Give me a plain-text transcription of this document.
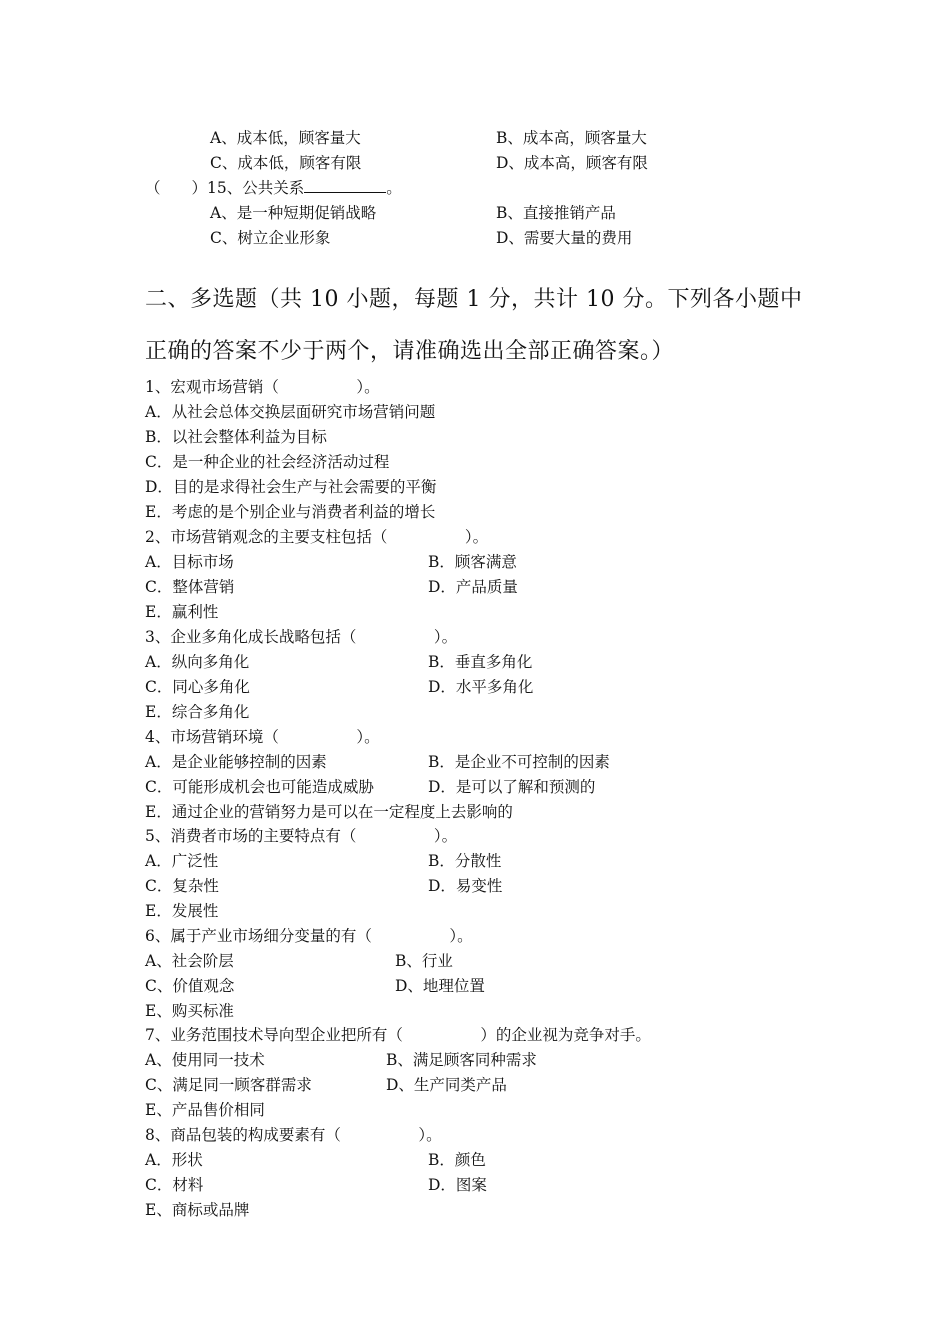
A、成本低，顾客量大	B、成本高，顾客量大
C、成本低，顾客有限	D、成本高，顾客有限
（　　）15、公共关系	。
A、是一种短期促销战略	B、直接推销产品
C、树立企业形象	D、需要大量的费用
二、多选题（共 10 小题，每题 1 分，共计 10 分。下列各小题中
正确的答案不少于两个，请准确选出全部正确答案。）
1、宏观市场营销（　　　　　）。
A．从社会总体交换层面研究市场营销问题
B．以社会整体利益为目标
C．是一种企业的社会经济活动过程
D．目的是求得社会生产与社会需要的平衡
E．考虑的是个别企业与消费者利益的增长
2、市场营销观念的主要支柱包括（　　　　　）。
A．目标市场	B．顾客满意
C．整体营销	D．产品质量
E．赢利性
3、企业多角化成长战略包括（　　　　　）。
A．纵向多角化	B．垂直多角化
C．同心多角化	D．水平多角化
E．综合多角化
4、市场营销环境（　　　　　）。
A．是企业能够控制的因素	B．是企业不可控制的因素
C．可能形成机会也可能造成威胁	D．是可以了解和预测的
E．通过企业的营销努力是可以在一定程度上去影响的
5、消费者市场的主要特点有（　　　　　）。
A．广泛性	B．分散性
C．复杂性	D．易变性
E．发展性
6、属于产业市场细分变量的有（　　　　　）。
A、社会阶层	B、行业
C、价值观念	D、地理位置
E、购买标准
7、业务范围技术导向型企业把所有（　　　　　）的企业视为竞争对手。
A、使用同一技术	B、满足顾客同种需求
C、满足同一顾客群需求	D、生产同类产品
E、产品售价相同
8、商品包装的构成要素有（　　　　　）。
A．形状	B．颜色
C．材料	D．图案
E、商标或品牌
